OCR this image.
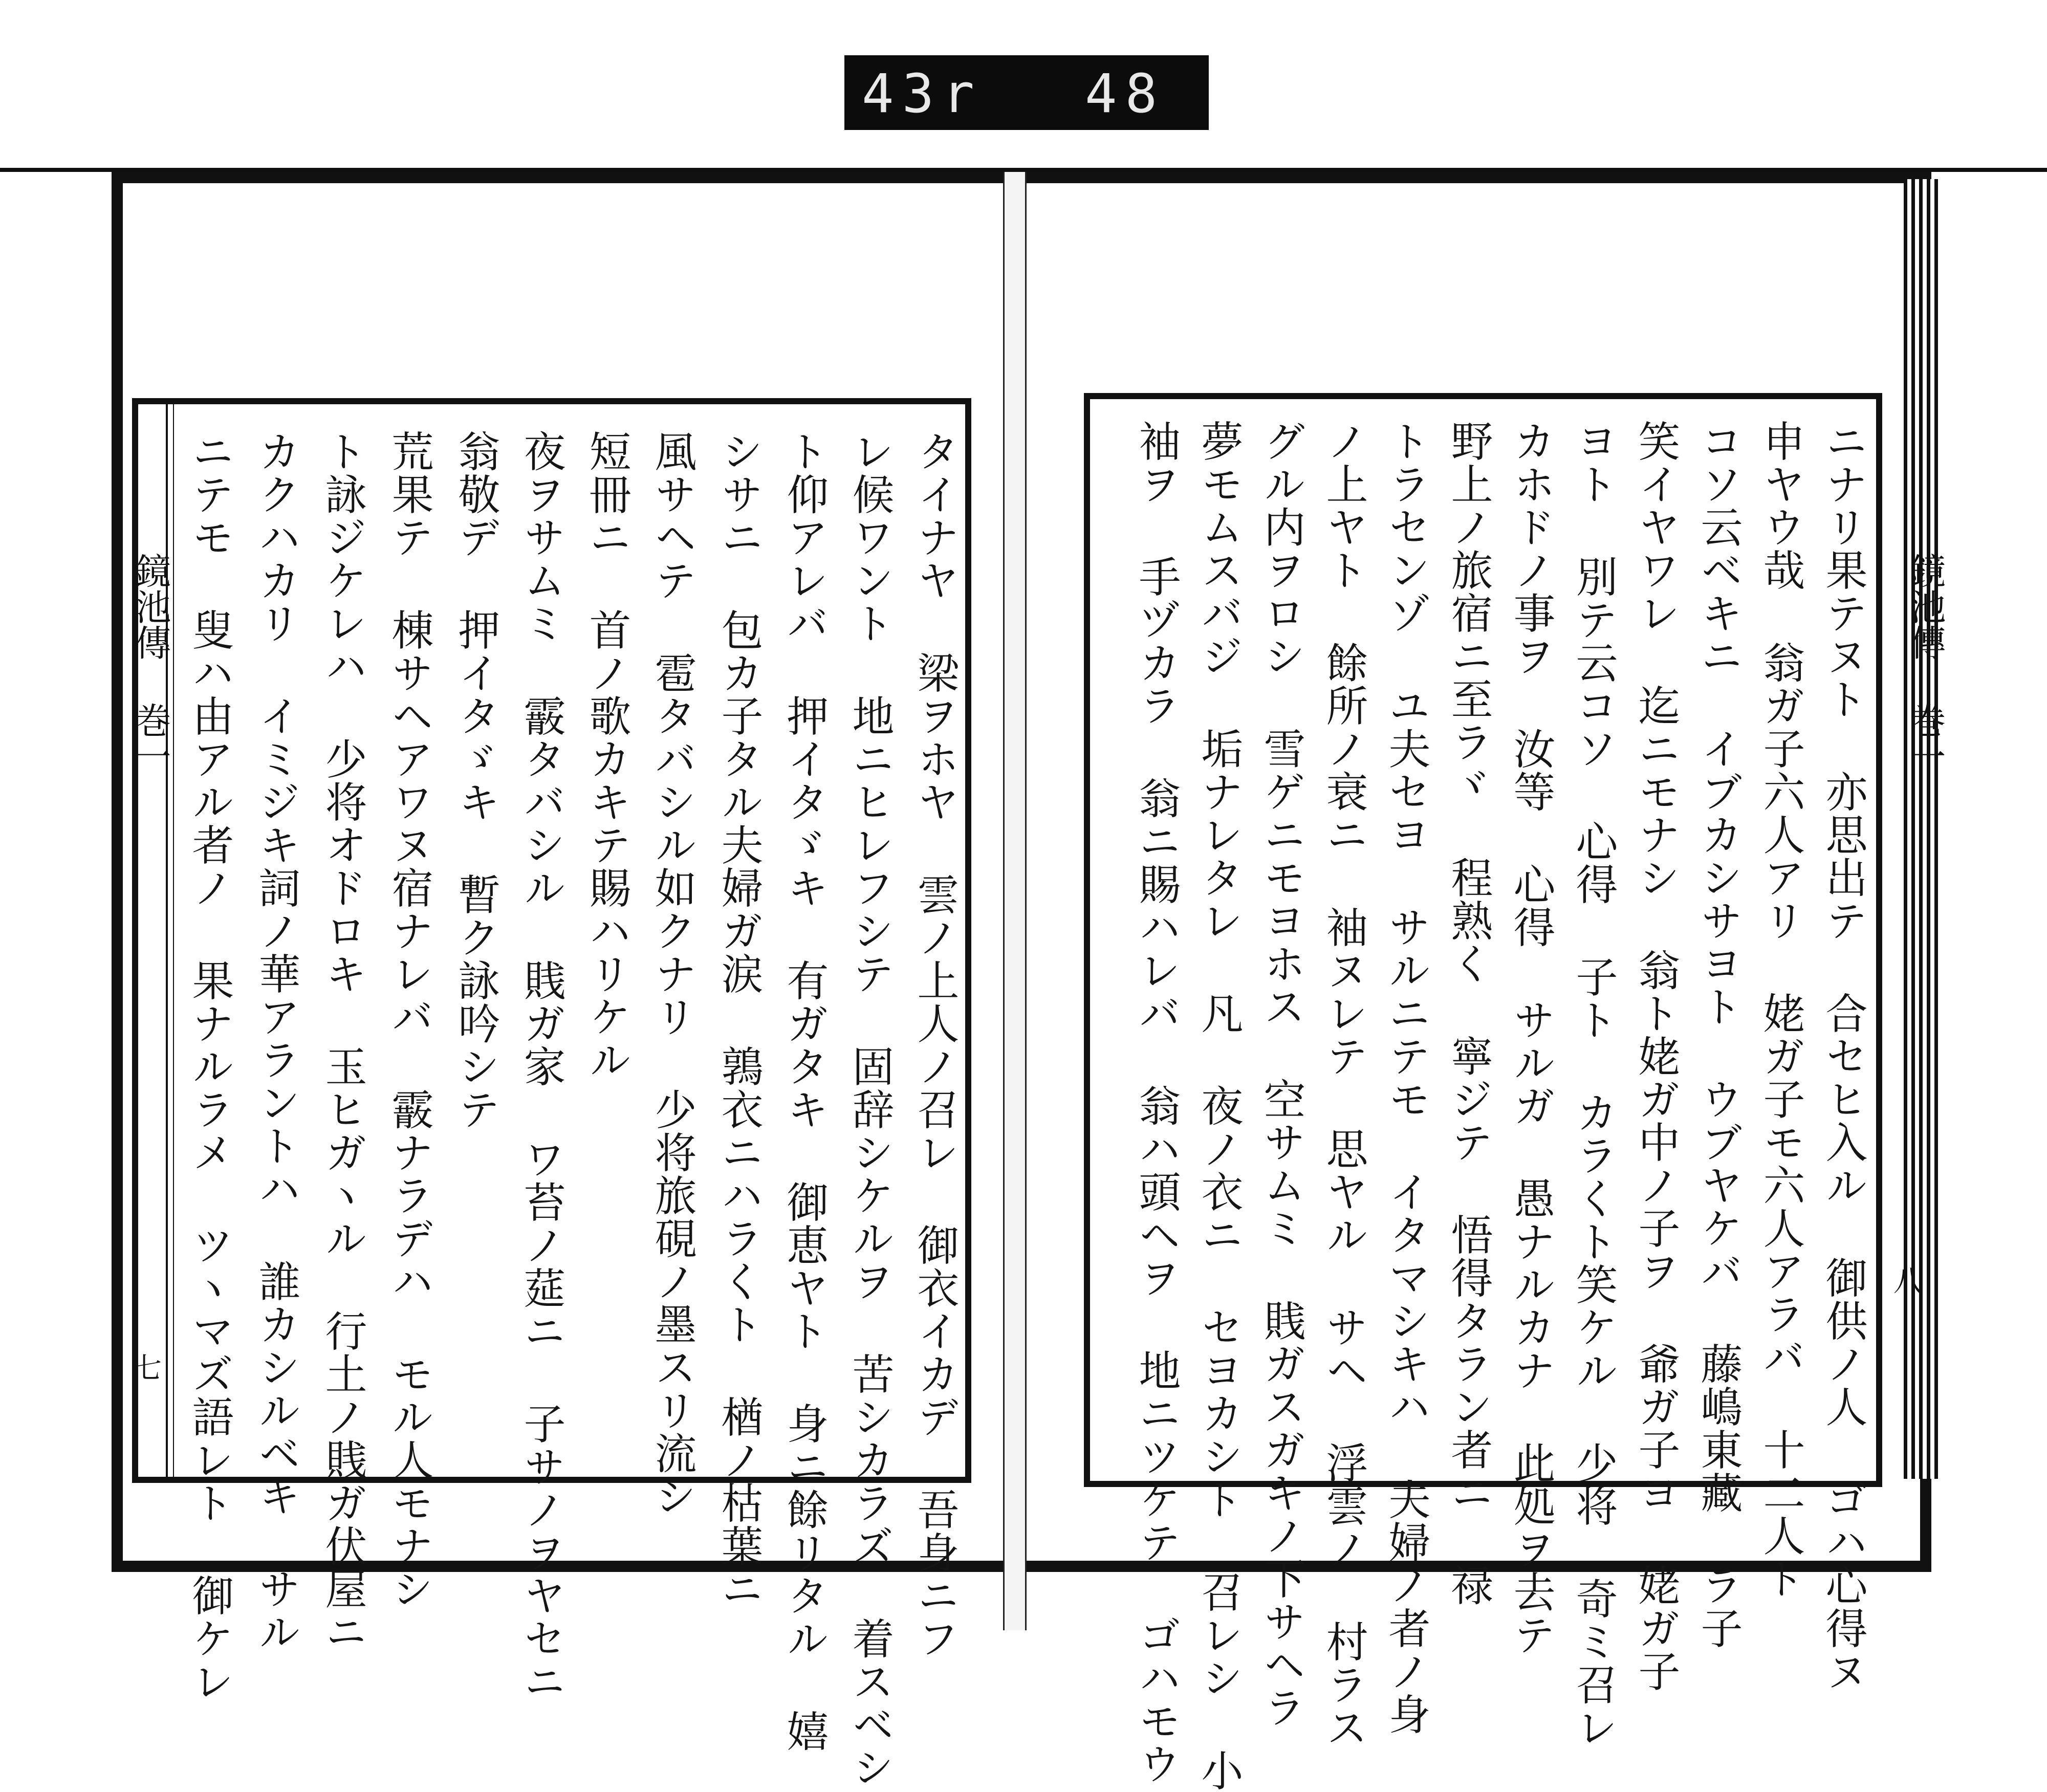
43r 48
鏡池傳 巻一
七	タイナヤ 梁ヲホヤ 雲ノ上人ノ召レ 御衣イカデ 吾身ニフ
レ候ワント 地ニヒレフシテ 固辞シケルヲ 苦シカラズ 着スベシ
ト仰アレバ 押イタゞキ 有ガタキ 御恵ヤト 身ニ餘リタル 嬉
シサニ 包カ子タル夫婦ガ涙 鶉衣ニハラくト 楢ノ枯葉ニ
風サヘテ 雹タバシル如クナリ 少将旅硯ノ墨スリ流シ
短冊ニ 首ノ歌カキテ賜ハリケル
夜ヲサムミ 霰タバシル 賎ガ家 ワ苔ノ莚ニ 子サノヲヤセニ
翁敬デ 押イタゞキ 暫ク詠吟シテ
荒果テ 棟サヘアワヌ宿ナレバ 霰ナラデハ モル人モナシ
ト詠ジケレハ 少将オドロキ 玉ヒガヽル 行土ノ賎ガ伏屋ニ
カクハカリ イミジキ詞ノ華アラントハ 誰カシルベキ サル
ニテモ 叟ハ由アル者ノ 果ナルラメ ツヽマズ語レト 御ケレ	鏡池傳 巻一
八
ニナリ果テヌト 亦思出テ 合セヒ入ル 御供ノ人 ゴハ心得ヌ
申ヤウ哉 翁ガ子六人アリ 姥ガ子モ六人アラバ 十二人ト
コソ云ベキニ イブカシサヨト ウブヤケバ 藤嶋東藏 ラ子
笑イヤワレ 迄ニモナシ 翁ト姥ガ中ノ子ヲ 爺ガ子ヨ 姥ガ子
ヨト 別テ云コソ 心得 子ト カラくト笑ケル 少将 奇ミ召レ
カホドノ事ヲ 汝等 心得 サルガ 愚ナルカナ 此処ヲ去テ
野上ノ旅宿ニ至ラヾ 程熟く 寧ジテ 悟得タラン者ニ 禄
トラセンゾ ユ夫セヨ サルニテモ イタマシキハ 夫婦ノ者ノ身
ノ上ヤト 餘所ノ衰ニ 袖ヌレテ 思ヤル サヘ 浮雲ノ 村ラス
グル内ヲロシ 雪ゲニモヨホス 空サムミ 賎ガスガキノ下サヘラ
夢モムスバジ 垢ナレタレ 凡 夜ノ衣ニ セヨカシト 召レシ 小
袖ヲ 手ヅカラ 翁ニ賜ハレバ 翁ハ頭ヘヲ 地ニツケテ ゴハモウ
